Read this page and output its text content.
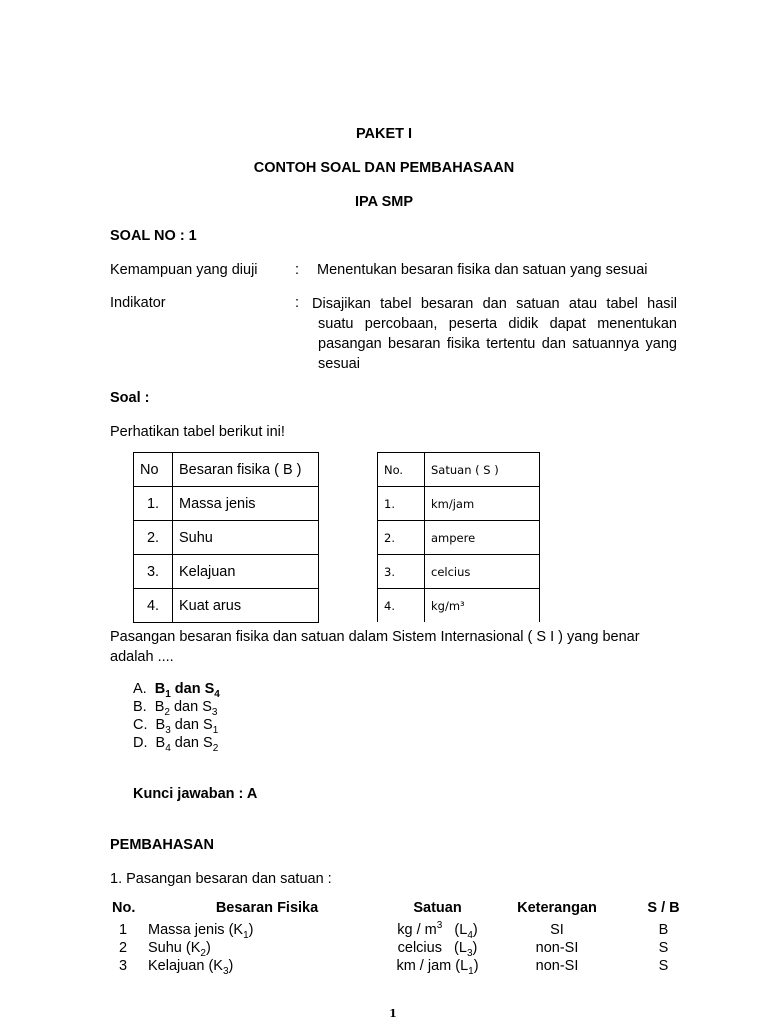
PAKET I
CONTOH SOAL DAN PEMBAHASAAN
IPA SMP
SOAL NO : 1
Kemampuan yang diuji	: Menentukan besaran fisika dan satuan yang sesuai
Indikator	: Disajikan tabel besaran dan satuan atau tabel hasil suatu percobaan, peserta didik dapat menentukan pasangan besaran fisika tertentu dan satuannya yang sesuai
Soal :
Perhatikan tabel berikut ini!
No	Besaran fisika ( B )
1.	Massa jenis
2.	Suhu
3.	Kelajuan
4.	Kuat arus
No.	Satuan ( S )
1.	km/jam
2.	ampere
3.	celcius
4.	kg/m³
Pasangan besaran fisika dan satuan dalam Sistem Internasional ( S I ) yang benar adalah ....
A. $B_1$ dan $S_4$
B. $B_2$ dan $S_3$
C. $B_3$ dan $S_1$
D. $B_4$ dan $S_2$
Kunci jawaban : A
PEMBAHASAN
1. Pasangan besaran dan satuan :
No.	Besaran Fisika	Satuan	Keterangan	S / B
1	Massa jenis $(K_1)$	kg / $m^3$ $(L_4)$	SI	B
2	Suhu $(K_2)$	celcius $(L_3)$	non-SI	S
3	Kelajuan $(K_3)$	km / jam $(L_1)$	non-SI	S
1
